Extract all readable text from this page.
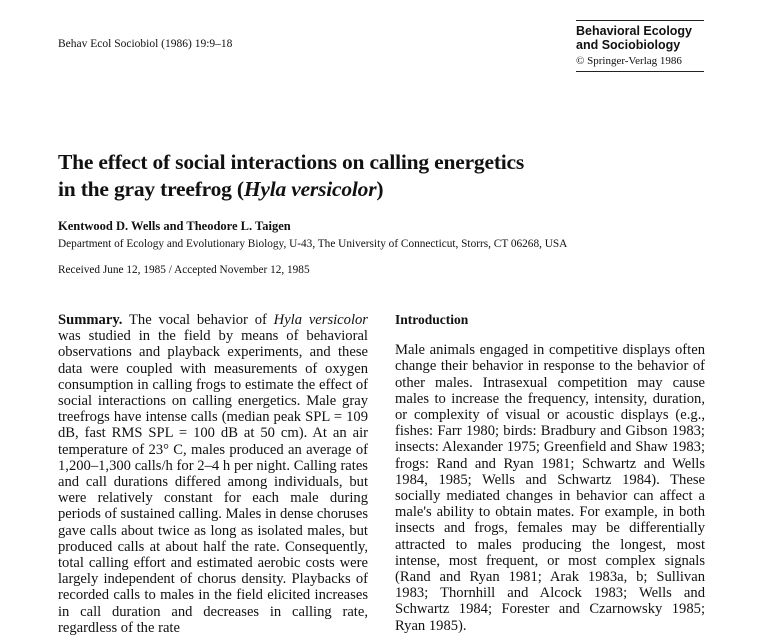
Behav Ecol Sociobiol (1986) 19:9–18
Behavioral Ecology
and Sociobiology
© Springer-Verlag 1986
The effect of social interactions on calling energetics
in the gray treefrog (Hyla versicolor)
Kentwood D. Wells and Theodore L. Taigen
Department of Ecology and Evolutionary Biology, U-43, The University of Connecticut, Storrs, CT 06268, USA
Received June 12, 1985 / Accepted November 12, 1985
Summary. The vocal behavior of Hyla versicolor was studied in the field by means of behavioral observations and playback experiments, and these data were coupled with measurements of oxygen consumption in calling frogs to estimate the effect of social interactions on calling energetics. Male gray treefrogs have intense calls (median peak SPL = 109 dB, fast RMS SPL = 100 dB at 50 cm). At an air temperature of 23° C, males produced an average of 1,200–1,300 calls/h for 2–4 h per night. Calling rates and call durations differed among individuals, but were relatively constant for each male during periods of sustained calling. Males in dense choruses gave calls about twice as long as isolated males, but produced calls at about half the rate. Consequently, total calling effort and estimated aerobic costs were largely independent of chorus density. Playbacks of recorded calls to males in the field elicited increases in call duration and decreases in calling rate, regardless of the rate
Introduction
Male animals engaged in competitive displays often change their behavior in response to the behavior of other males. Intrasexual competition may cause males to increase the frequency, intensity, duration, or complexity of visual or acoustic displays (e.g., fishes: Farr 1980; birds: Bradbury and Gibson 1983; insects: Alexander 1975; Greenfield and Shaw 1983; frogs: Rand and Ryan 1981; Schwartz and Wells 1984, 1985; Wells and Schwartz 1984). These socially mediated changes in behavior can affect a male's ability to obtain mates. For example, in both insects and frogs, females may be differentially attracted to males producing the longest, most intense, most frequent, or most complex signals (Rand and Ryan 1981; Arak 1983a, b; Sullivan 1983; Thornhill and Alcock 1983; Wells and Schwartz 1984; Forester and Czarnowsky 1985; Ryan 1985).
